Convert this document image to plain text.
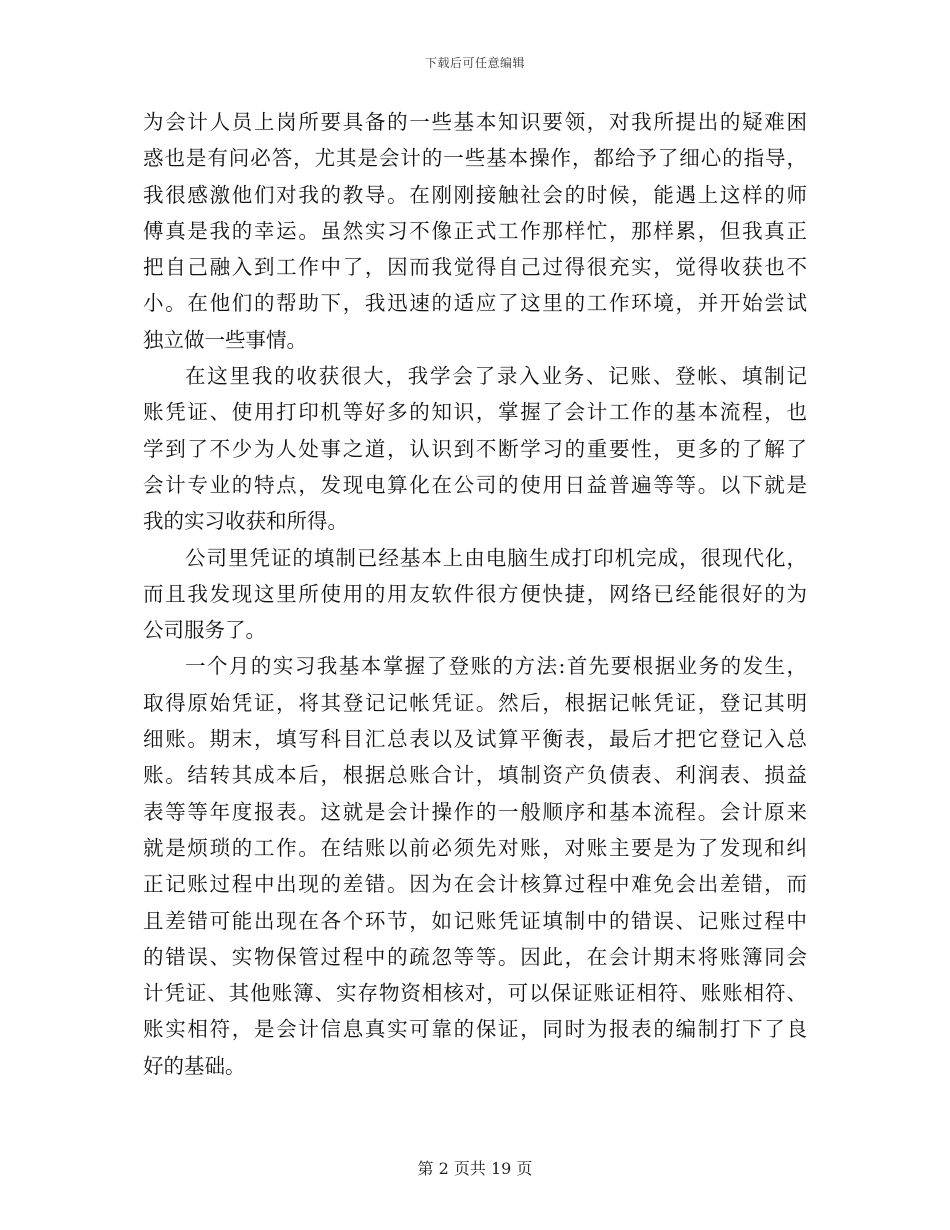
下载后可任意编辑
为会计人员上岗所要具备的一些基本知识要领，对我所提出的疑难困
惑也是有问必答，尤其是会计的一些基本操作，都给予了细心的指导，
我很感激他们对我的教导。在刚刚接触社会的时候，能遇上这样的师
傅真是我的幸运。虽然实习不像正式工作那样忙，那样累，但我真正
把自己融入到工作中了，因而我觉得自己过得很充实，觉得收获也不
小。在他们的帮助下，我迅速的适应了这里的工作环境，并开始尝试
独立做一些事情。
在这里我的收获很大，我学会了录入业务、记账、登帐、填制记
账凭证、使用打印机等好多的知识，掌握了会计工作的基本流程，也
学到了不少为人处事之道，认识到不断学习的重要性，更多的了解了
会计专业的特点，发现电算化在公司的使用日益普遍等等。以下就是
我的实习收获和所得。
公司里凭证的填制已经基本上由电脑生成打印机完成，很现代化，
而且我发现这里所使用的用友软件很方便快捷，网络已经能很好的为
公司服务了。
一个月的实习我基本掌握了登账的方法:首先要根据业务的发生，
取得原始凭证，将其登记记帐凭证。然后，根据记帐凭证，登记其明
细账。期末，填写科目汇总表以及试算平衡表，最后才把它登记入总
账。结转其成本后，根据总账合计，填制资产负债表、利润表、损益
表等等年度报表。这就是会计操作的一般顺序和基本流程。会计原来
就是烦琐的工作。在结账以前必须先对账，对账主要是为了发现和纠
正记账过程中出现的差错。因为在会计核算过程中难免会出差错，而
且差错可能出现在各个环节，如记账凭证填制中的错误、记账过程中
的错误、实物保管过程中的疏忽等等。因此，在会计期末将账簿同会
计凭证、其他账簿、实存物资相核对，可以保证账证相符、账账相符、
账实相符，是会计信息真实可靠的保证，同时为报表的编制打下了良
好的基础。
第 2 页共 19 页
